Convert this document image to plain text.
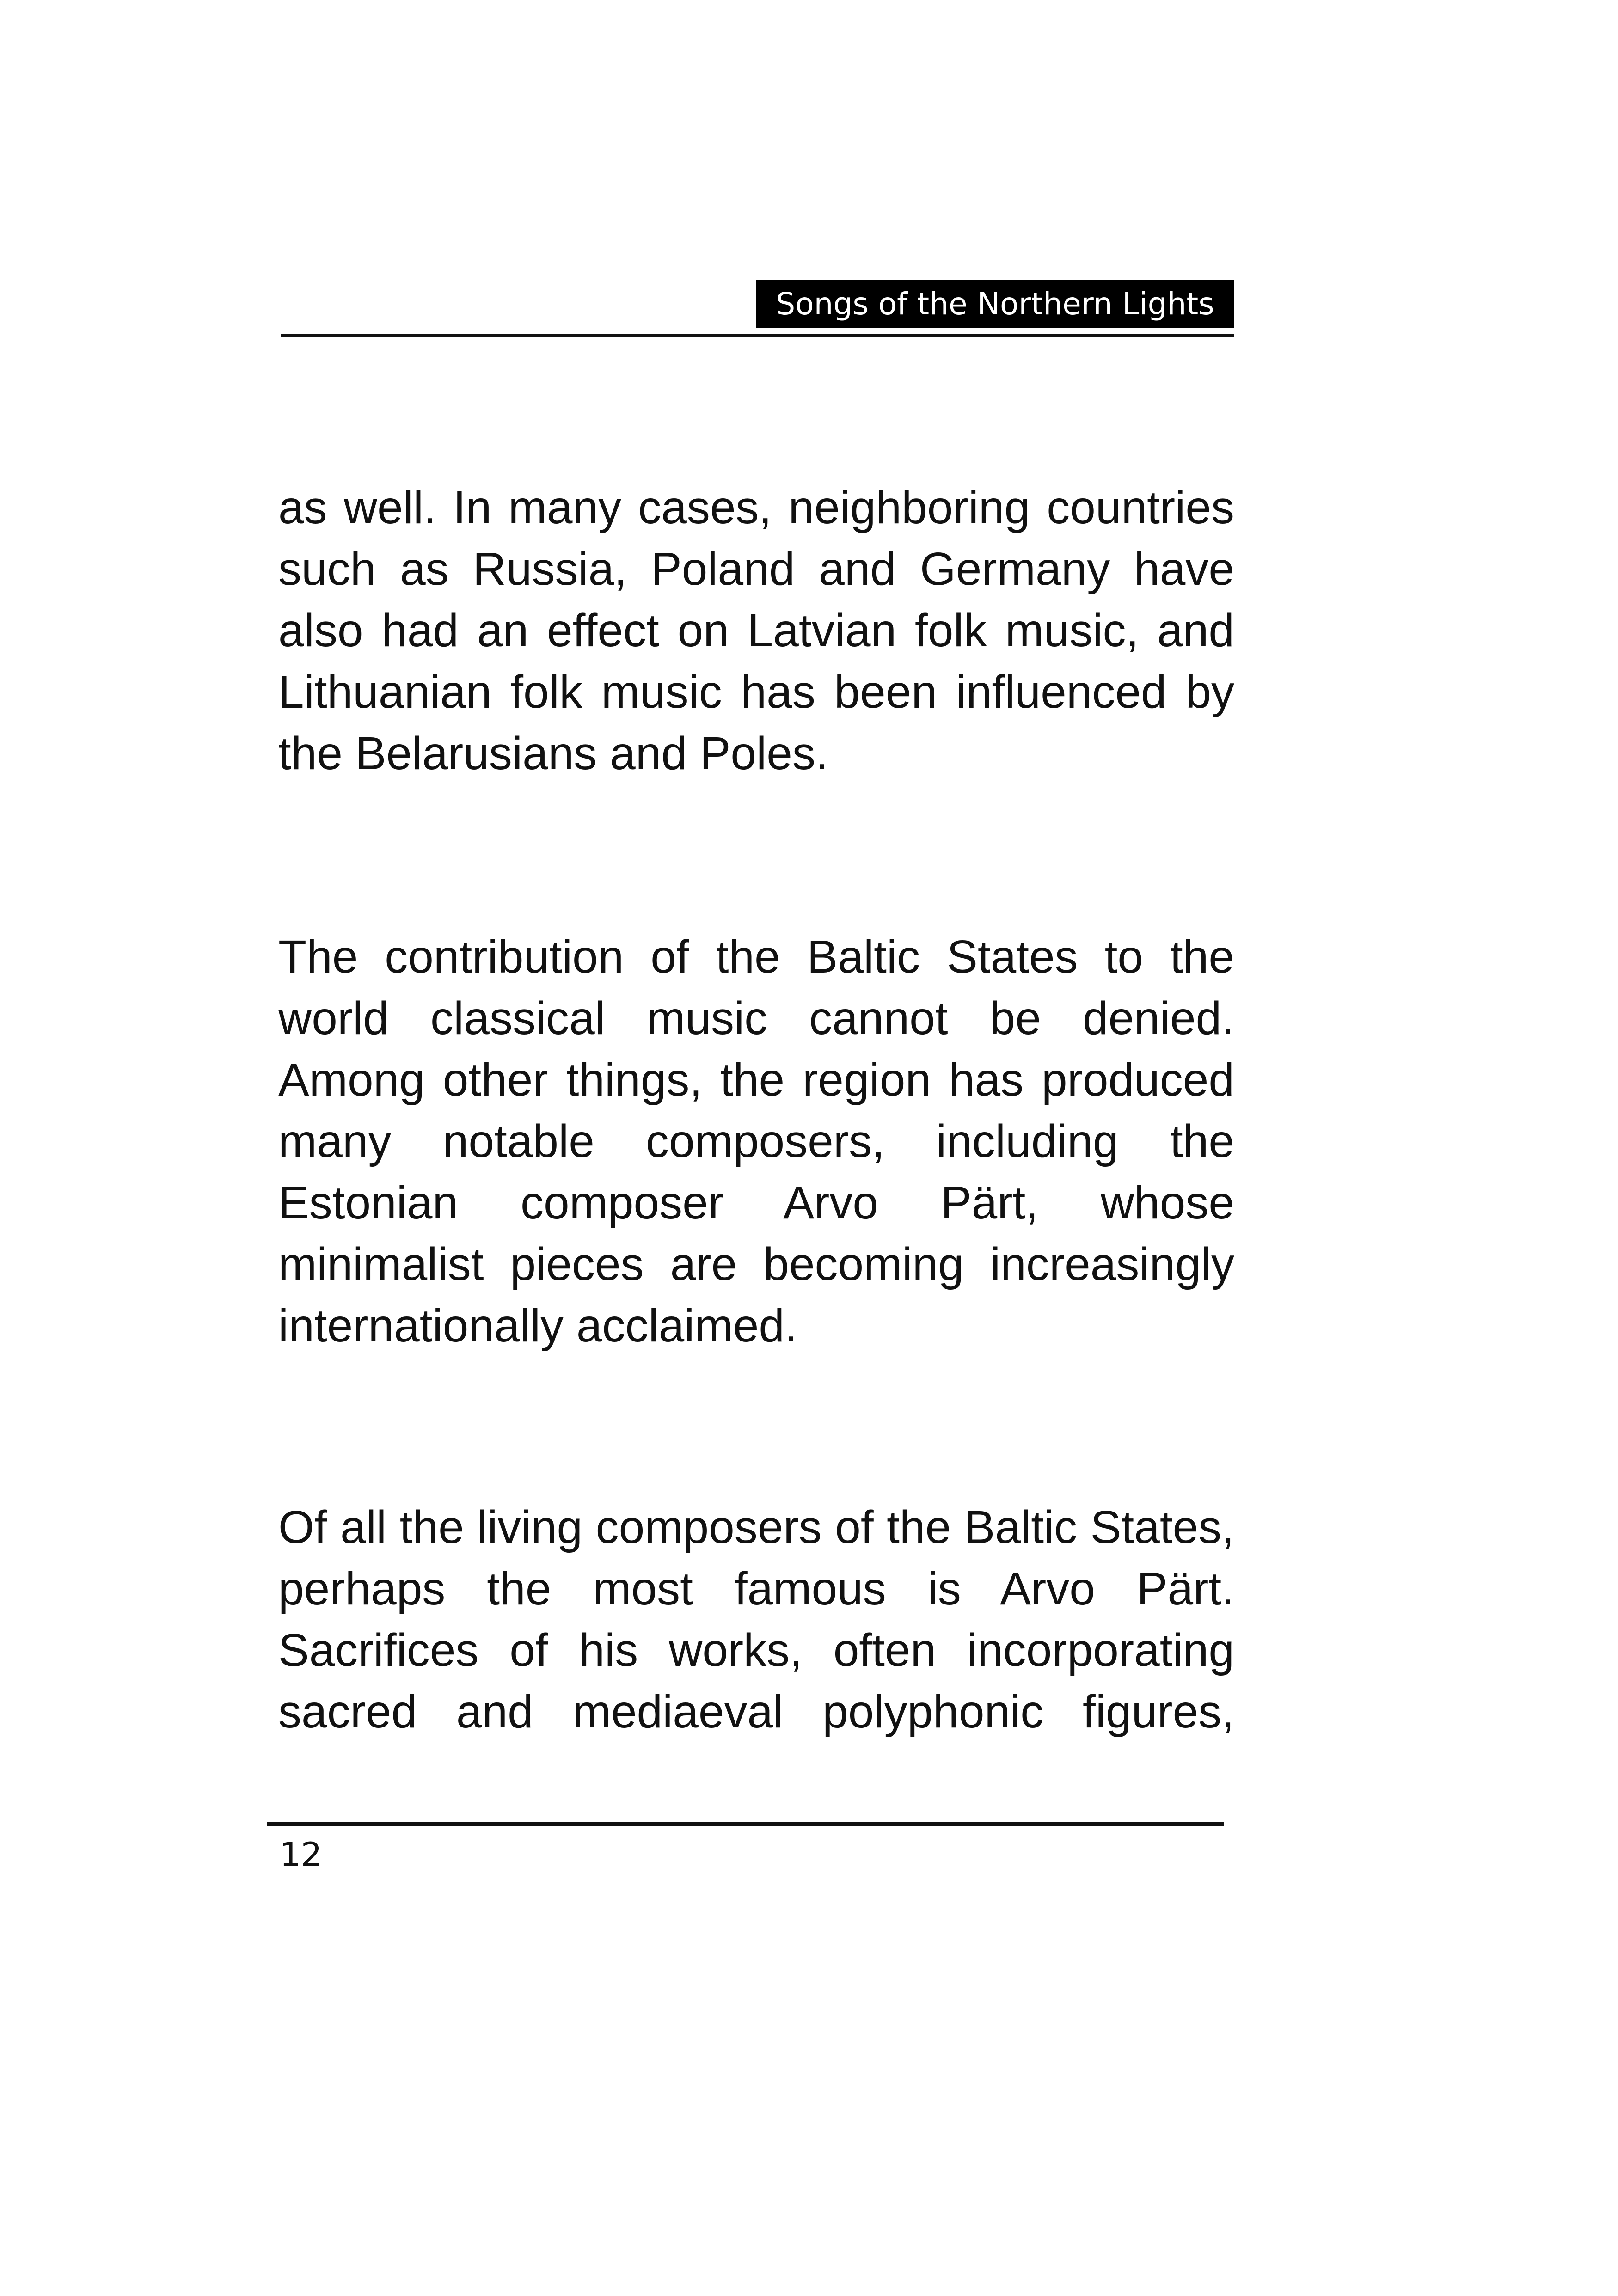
Songs of the Northern Lights

as well. In many cases, neighboring countries such as Russia, Poland and Germany have also had an effect on Latvian folk music, and Lithuanian folk music has been influenced by the Belarusians and Poles.

The contribution of the Baltic States to the world classical music cannot be denied. Among other things, the region has produced many notable composers, including the Estonian composer Arvo Pärt, whose minimalist pieces are becoming increasingly internationally acclaimed.

Of all the living composers of the Baltic States, perhaps the most famous is Arvo Pärt. Sacrifices of his works, often incorporating sacred and mediaeval polyphonic figures,

12
